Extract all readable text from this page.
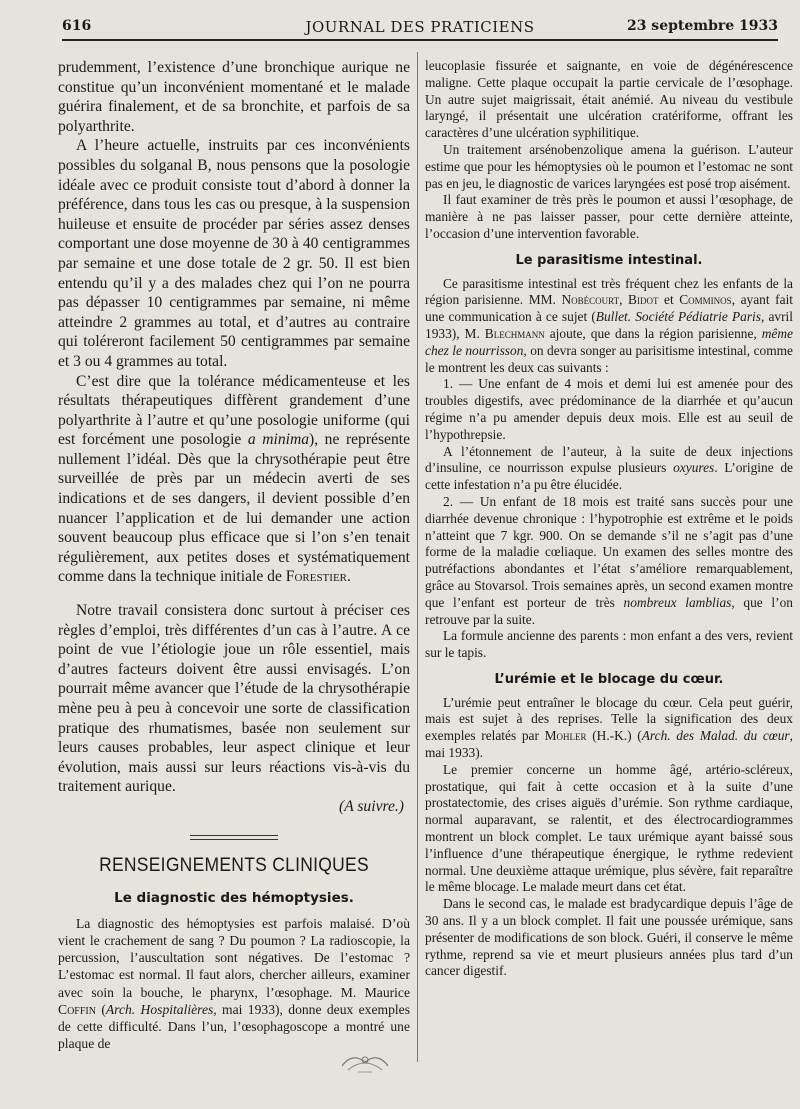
616	JOURNAL DES PRATICIENS	23 septembre 1933

prudemment, l’existence d’une bronchique aurique ne constitue qu’un inconvénient momentané et le malade guérira finalement, et de sa bronchite, et parfois de sa polyarthrite.

A l’heure actuelle, instruits par ces inconvénients possibles du solganal B, nous pensons que la posologie idéale avec ce produit consiste tout d’abord à donner la préférence, dans tous les cas ou presque, à la suspension huileuse et ensuite de procéder par séries assez denses comportant une dose moyenne de 30 à 40 centigrammes par semaine et une dose totale de 2 gr. 50. Il est bien entendu qu’il y a des malades chez qui l’on ne pourra pas dépasser 10 centigrammes par semaine, ni même atteindre 2 grammes au total, et d’autres au contraire qui toléreront facilement 50 centigrammes par semaine et 3 ou 4 grammes au total.

C’est dire que la tolérance médicamenteuse et les résultats thérapeutiques diffèrent grandement d’une polyarthrite à l’autre et qu’une posologie uniforme (qui est forcément une posologie a minima), ne représente nullement l’idéal. Dès que la chrysothérapie peut être surveillée de près par un médecin averti de ses indications et de ses dangers, il devient possible d’en nuancer l’application et de lui demander une action souvent beaucoup plus efficace que si l’on s’en tenait régulièrement, aux petites doses et systématiquement comme dans la technique initiale de Forestier.

Notre travail consistera donc surtout à préciser ces règles d’emploi, très différentes d’un cas à l’autre. A ce point de vue l’étiologie joue un rôle essentiel, mais d’autres facteurs doivent être aussi envisagés. L’on pourrait même avancer que l’étude de la chrysothérapie mène peu à peu à concevoir une sorte de classification pratique des rhumatismes, basée non seulement sur leurs causes probables, leur aspect clinique et leur évolution, mais aussi sur leurs réactions vis-à-vis du traitement aurique.

(A suivre.)

RENSEIGNEMENTS CLINIQUES
Le diagnostic des hémoptysies.

La diagnostic des hémoptysies est parfois malaisé. D’où vient le crachement de sang ? Du poumon ? La radioscopie, la percussion, l’auscultation sont négatives. De l’estomac ? L’estomac est normal. Il faut alors, chercher ailleurs, examiner avec soin la bouche, le pharynx, l’œsophage. M. Maurice Coffin (Arch. Hospitalières, mai 1933), donne deux exemples de cette difficulté. Dans l’un, l’œsophagoscope a montré une plaque de

leucoplasie fissurée et saignante, en voie de dégénérescence maligne. Cette plaque occupait la partie cervicale de l’œsophage. Un autre sujet maigrissait, était anémié. Au niveau du vestibule laryngé, il présentait une ulcération cratériforme, offrant les caractères d’une ulcération syphilitique.

Un traitement arsénobenzolique amena la guérison. L’auteur estime que pour les hémoptysies où le poumon et l’estomac ne sont pas en jeu, le diagnostic de varices laryngées est posé trop aisément.

Il faut examiner de très près le poumon et aussi l’œsophage, de manière à ne pas laisser passer, pour cette dernière atteinte, l’occasion d’une intervention favorable.

Le parasitisme intestinal.

Ce parasitisme intestinal est très fréquent chez les enfants de la région parisienne. MM. Nobécourt, Bidot et Comminos, ayant fait une communication à ce sujet (Bullet. Société Pédiatrie Paris, avril 1933), M. Blechmann ajoute, que dans la région parisienne, même chez le nourrisson, on devra songer au parisitisme intestinal, comme le montrent les deux cas suivants :

1. — Une enfant de 4 mois et demi lui est amenée pour des troubles digestifs, avec prédominance de la diarrhée et qu’aucun régime n’a pu amender depuis deux mois. Elle est au seuil de l’hypothrepsie.

A l’étonnement de l’auteur, à la suite de deux injections d’insuline, ce nourrisson expulse plusieurs oxyures. L’origine de cette infestation n’a pu être élucidée.

2. — Un enfant de 18 mois est traité sans succès pour une diarrhée devenue chronique : l’hypotrophie est extrême et le poids n’atteint que 7 kgr. 900. On se demande s’il ne s’agit pas d’une forme de la maladie cœliaque. Un examen des selles montre des putréfactions abondantes et l’état s’améliore remarquablement, grâce au Stovarsol. Trois semaines après, un second examen montre que l’enfant est porteur de très nombreux lamblias, que l’on retrouve par la suite.

La formule ancienne des parents : mon enfant a des vers, revient sur le tapis.

L’urémie et le blocage du cœur.

L’urémie peut entraîner le blocage du cœur. Cela peut guérir, mais est sujet à des reprises. Telle la signification des deux exemples relatés par Mohler (H.-K.) (Arch. des Malad. du cœur, mai 1933).

Le premier concerne un homme âgé, artério-scléreux, prostatique, qui fait à cette occasion et à la suite d’une prostatectomie, des crises aiguës d’urémie. Son rythme cardiaque, normal auparavant, se ralentit, et des électrocardiogrammes montrent un block complet. Le taux urémique ayant baissé sous l’influence d’une thérapeutique énergique, le rythme redevient normal. Une deuxième attaque urémique, plus sévère, fait reparaître le même blocage. Le malade meurt dans cet état.

Dans le second cas, le malade est bradycardique depuis l’âge de 30 ans. Il y a un block complet. Il fait une poussée urémique, sans présenter de modifications de son block. Guéri, il conserve le même rythme, reprend sa vie et meurt plusieurs années plus tard d’un cancer digestif.
